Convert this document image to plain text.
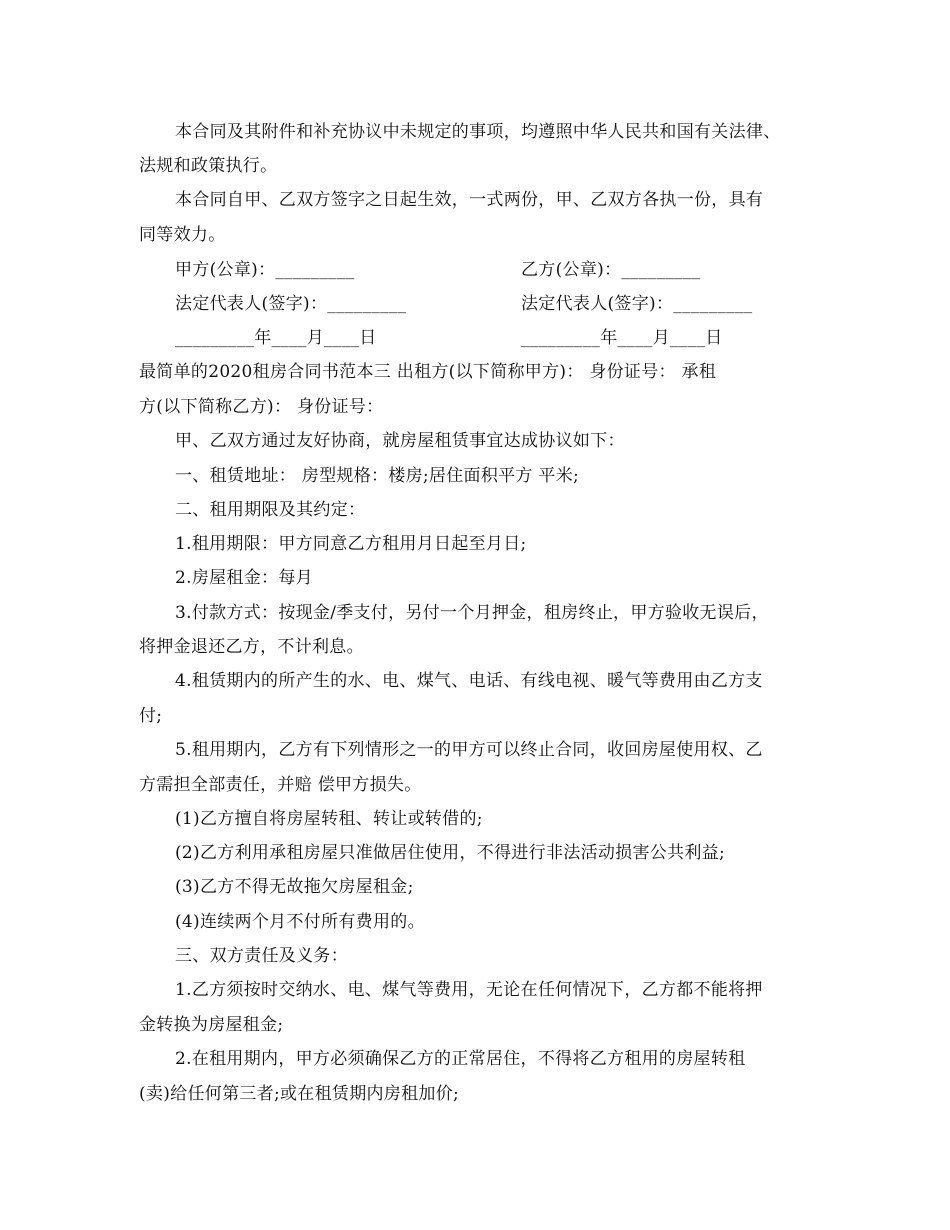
本合同及其附件和补充协议中未规定的事项，均遵照中华人民共和国有关法律、
法规和政策执行。
本合同自甲、乙双方签字之日起生效，一式两份，甲、乙双方各执一份，具有
同等效力。
甲方(公章)：_________	乙方(公章)：_________
法定代表人(签字)：_________	法定代表人(签字)：_________
_________年____月____日	_________年____月____日
最简单的2020租房合同书范本三 出租方(以下简称甲方)： 身份证号： 承租
方(以下简称乙方)： 身份证号：
甲、乙双方通过友好协商，就房屋租赁事宜达成协议如下：
一、租赁地址： 房型规格：楼房;居住面积平方 平米;
二、租用期限及其约定：
1.租用期限：甲方同意乙方租用月日起至月日;
2.房屋租金：每月
3.付款方式：按现金/季支付，另付一个月押金，租房终止，甲方验收无误后，
将押金退还乙方，不计利息。
4.租赁期内的所产生的水、电、煤气、电话、有线电视、暖气等费用由乙方支
付;
5.租用期内，乙方有下列情形之一的甲方可以终止合同，收回房屋使用权、乙
方需担全部责任，并赔 偿甲方损失。
(1)乙方擅自将房屋转租、转让或转借的;
(2)乙方利用承租房屋只准做居住使用，不得进行非法活动损害公共利益;
(3)乙方不得无故拖欠房屋租金;
(4)连续两个月不付所有费用的。
三、双方责任及义务：
1.乙方须按时交纳水、电、煤气等费用，无论在任何情况下，乙方都不能将押
金转换为房屋租金;
2.在租用期内，甲方必须确保乙方的正常居住，不得将乙方租用的房屋转租
(卖)给任何第三者;或在租赁期内房租加价;
